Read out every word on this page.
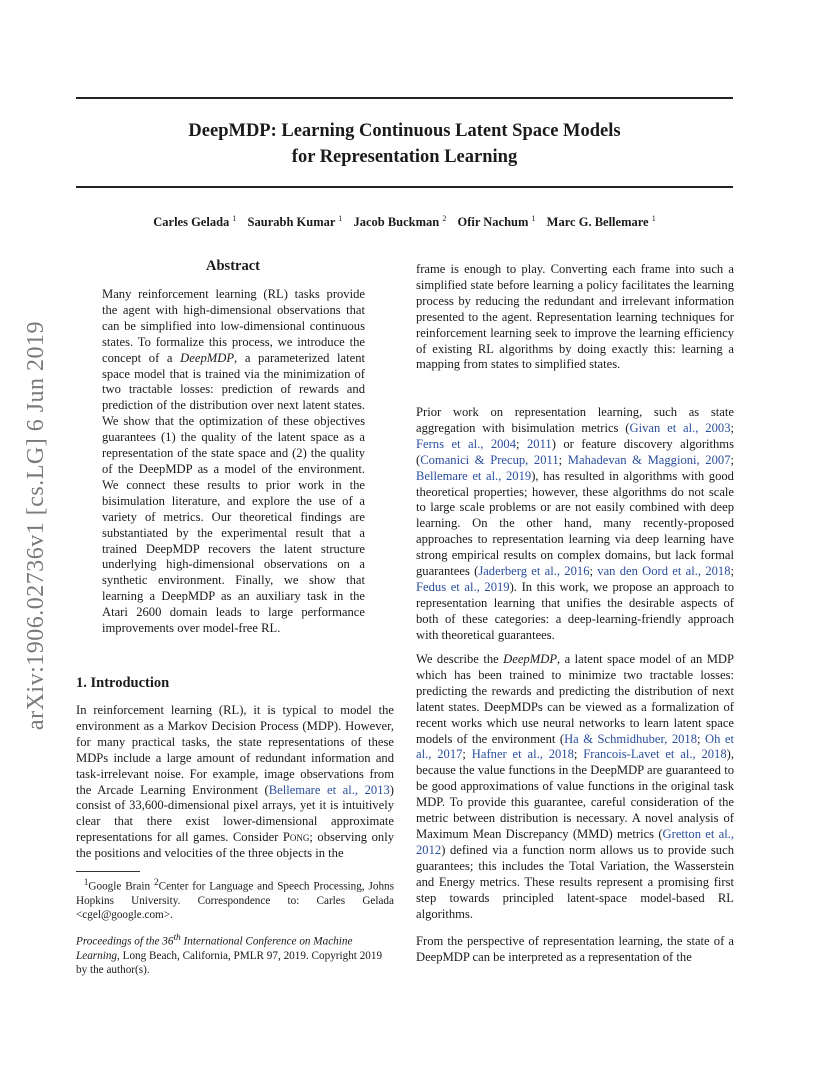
DeepMDP: Learning Continuous Latent Space Models
for Representation Learning
Carles Gelada $^1$ Saurabh Kumar $^1$ Jacob Buckman $^2$ Ofir Nachum $^1$ Marc G. Bellemare $^1$
arXiv:1906.02736v1 [cs.LG] 6 Jun 2019
Abstract
Many reinforcement learning (RL) tasks provide the agent with high-dimensional observations that can be simplified into low-dimensional continuous states. To formalize this process, we introduce the concept of a DeepMDP, a parameterized latent space model that is trained via the minimization of two tractable losses: prediction of rewards and prediction of the distribution over next latent states. We show that the optimization of these objectives guarantees (1) the quality of the latent space as a representation of the state space and (2) the quality of the DeepMDP as a model of the environment. We connect these results to prior work in the bisimulation literature, and explore the use of a variety of metrics. Our theoretical findings are substantiated by the experimental result that a trained DeepMDP recovers the latent structure underlying high-dimensional observations on a synthetic environment. Finally, we show that learning a DeepMDP as an auxiliary task in the Atari 2600 domain leads to large performance improvements over model-free RL.
1. Introduction
In reinforcement learning (RL), it is typical to model the environment as a Markov Decision Process (MDP). However, for many practical tasks, the state representations of these MDPs include a large amount of redundant information and task-irrelevant noise. For example, image observations from the Arcade Learning Environment (Bellemare et al., 2013) consist of 33,600-dimensional pixel arrays, yet it is intuitively clear that there exist lower-dimensional approximate representations for all games. Consider Pong; observing only the positions and velocities of the three objects in the
$^1$Google Brain $^2$Center for Language and Speech Processing, Johns Hopkins University. Correspondence to: Carles Gelada <cgel@google.com>.
Proceedings of the 36th International Conference on Machine Learning, Long Beach, California, PMLR 97, 2019. Copyright 2019 by the author(s).
frame is enough to play. Converting each frame into such a simplified state before learning a policy facilitates the learning process by reducing the redundant and irrelevant information presented to the agent. Representation learning techniques for reinforcement learning seek to improve the learning efficiency of existing RL algorithms by doing exactly this: learning a mapping from states to simplified states.
Prior work on representation learning, such as state aggregation with bisimulation metrics (Givan et al., 2003; Ferns et al., 2004; 2011) or feature discovery algorithms (Comanici & Precup, 2011; Mahadevan & Maggioni, 2007; Bellemare et al., 2019), has resulted in algorithms with good theoretical properties; however, these algorithms do not scale to large scale problems or are not easily combined with deep learning. On the other hand, many recently-proposed approaches to representation learning via deep learning have strong empirical results on complex domains, but lack formal guarantees (Jaderberg et al., 2016; van den Oord et al., 2018; Fedus et al., 2019). In this work, we propose an approach to representation learning that unifies the desirable aspects of both of these categories: a deep-learning-friendly approach with theoretical guarantees.
We describe the DeepMDP, a latent space model of an MDP which has been trained to minimize two tractable losses: predicting the rewards and predicting the distribution of next latent states. DeepMDPs can be viewed as a formalization of recent works which use neural networks to learn latent space models of the environment (Ha & Schmidhuber, 2018; Oh et al., 2017; Hafner et al., 2018; Francois-Lavet et al., 2018), because the value functions in the DeepMDP are guaranteed to be good approximations of value functions in the original task MDP. To provide this guarantee, careful consideration of the metric between distribution is necessary. A novel analysis of Maximum Mean Discrepancy (MMD) metrics (Gretton et al., 2012) defined via a function norm allows us to provide such guarantees; this includes the Total Variation, the Wasserstein and Energy metrics. These results represent a promising first step towards principled latent-space model-based RL algorithms.
From the perspective of representation learning, the state of a DeepMDP can be interpreted as a representation of the
